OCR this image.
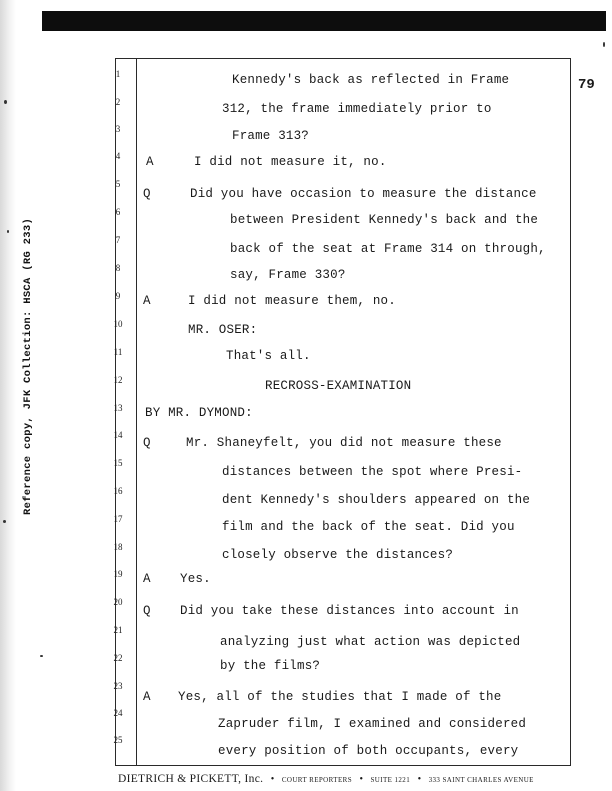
79
Reference copy, JFK Collection: HSCA (RG 233)
1	Kennedy's back as reflected in Frame
2	312, the frame immediately prior to
3	Frame 313?
4	A	I did not measure it, no.
5
Q	Did you have occasion to measure the distance
6
between President Kennedy's back and the
7
back of the seat at Frame 314 on through,
8	say, Frame 330?
9	A	I did not measure them, no.
10	MR. OSER:
11	That's all.
12	RECROSS-EXAMINATION
13 BY MR. DYMOND:
14
Q	Mr. Shaneyfelt, you did not measure these
15
distances between the spot where Presi-
16
dent Kennedy's shoulders appeared on the
17
film and the back of the seat. Did you
18
closely observe the distances?
19 A Yes.
20
Q Did you take these distances into account in
21
analyzing just what action was depicted
22
by the films?
23
A Yes, all of the studies that I made of the
24
Zapruder film, I examined and considered
25
every position of both occupants, every
DIETRICH & PICKETT, Inc. • COURT REPORTERS • SUITE 1221 • 333 SAINT CHARLES AVENUE
